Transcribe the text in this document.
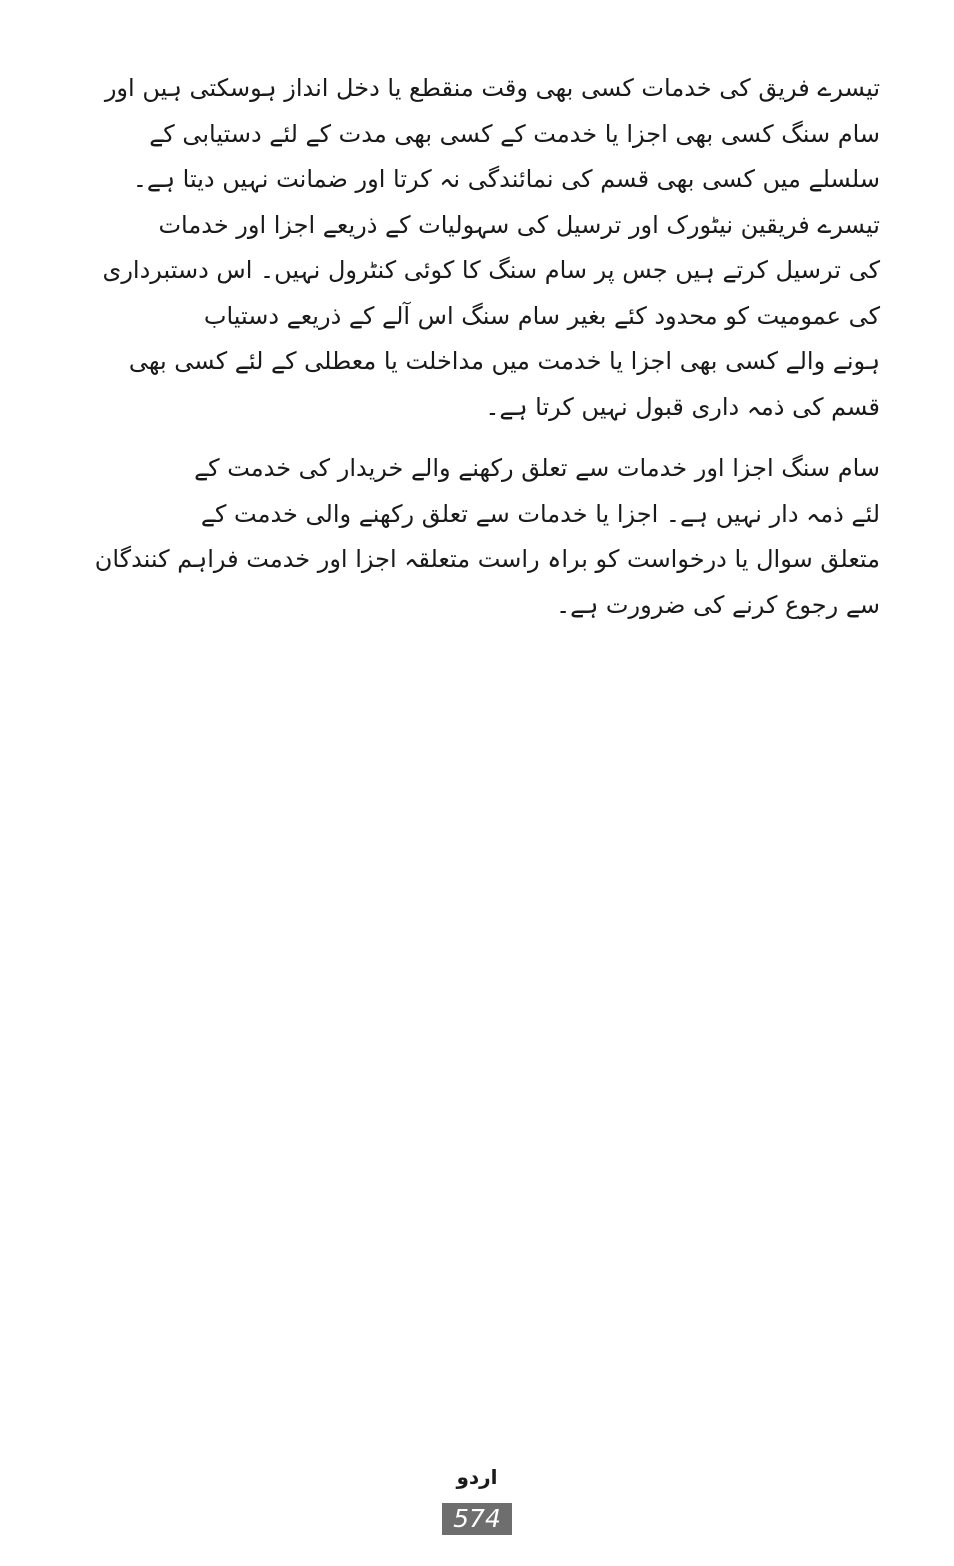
تیسرے فریق کی خدمات کسی بھی وقت منقطع یا دخل انداز ہوسکتی ہیں اور
سام سنگ کسی بھی اجزا یا خدمت کے کسی بھی مدت کے لئے دستیابی کے
سلسلے میں کسی بھی قسم کی نمائندگی نہ کرتا اور ضمانت نہیں دیتا ہے۔
تیسرے فریقین نیٹورک اور ترسیل کی سہولیات کے ذریعے اجزا اور خدمات
کی ترسیل کرتے ہیں جس پر سام سنگ کا کوئی کنٹرول نہیں۔ اس دستبرداری
کی عمومیت کو محدود کئے بغیر سام سنگ اس آلے کے ذریعے دستیاب
ہونے والے کسی بھی اجزا یا خدمت میں مداخلت یا معطلی کے لئے کسی بھی
قسم کی ذمہ داری قبول نہیں کرتا ہے۔

سام سنگ اجزا اور خدمات سے تعلق رکھنے والے خریدار کی خدمت کے
لئے ذمہ دار نہیں ہے۔ اجزا یا خدمات سے تعلق رکھنے والی خدمت کے
متعلق سوال یا درخواست کو براہ راست متعلقہ اجزا اور خدمت فراہم کنندگان
سے رجوع کرنے کی ضرورت ہے۔

اردو
574
